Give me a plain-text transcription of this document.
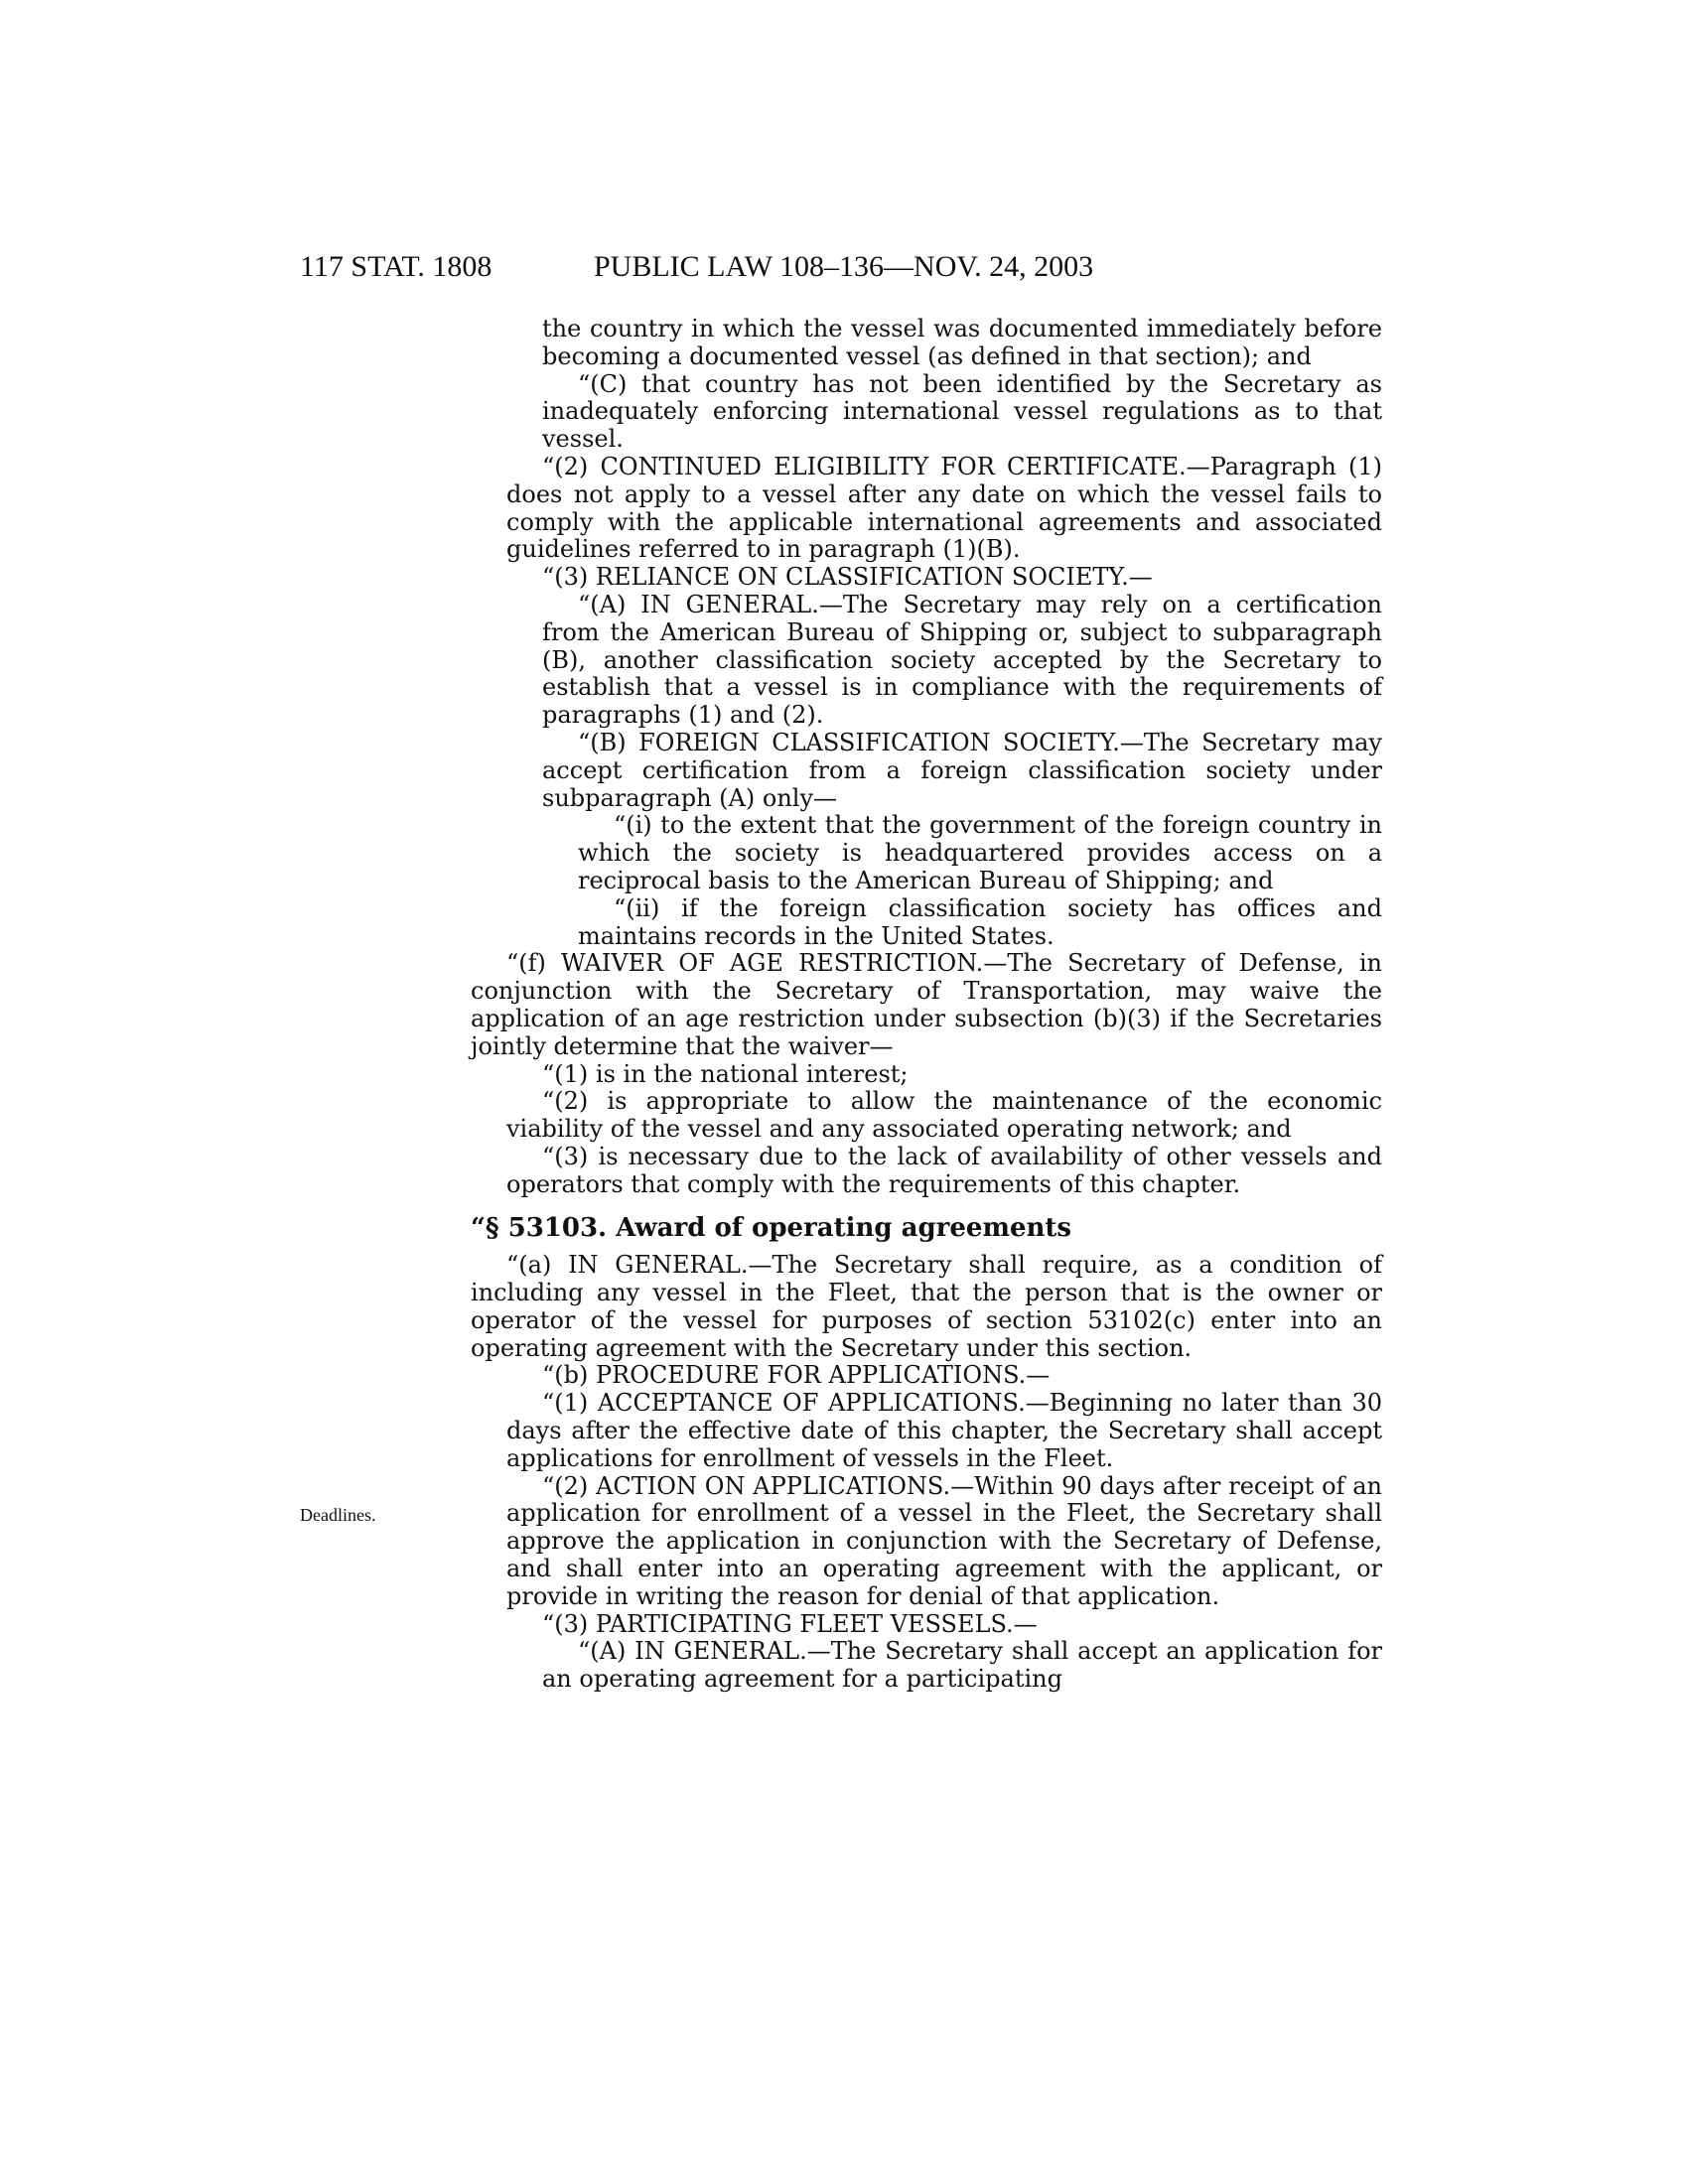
117 STAT. 1808	PUBLIC LAW 108–136—NOV. 24, 2003
Deadlines.

the country in which the vessel was documented immediately before becoming a documented vessel (as defined in that section); and

“(C) that country has not been identified by the Secretary as inadequately enforcing international vessel regulations as to that vessel.

“(2) CONTINUED ELIGIBILITY FOR CERTIFICATE.—Paragraph (1) does not apply to a vessel after any date on which the vessel fails to comply with the applicable international agreements and associated guidelines referred to in paragraph (1)(B).

“(3) RELIANCE ON CLASSIFICATION SOCIETY.—

“(A) IN GENERAL.—The Secretary may rely on a certification from the American Bureau of Shipping or, subject to subparagraph (B), another classification society accepted by the Secretary to establish that a vessel is in compliance with the requirements of paragraphs (1) and (2).

“(B) FOREIGN CLASSIFICATION SOCIETY.—The Secretary may accept certification from a foreign classification society under subparagraph (A) only—

“(i) to the extent that the government of the foreign country in which the society is headquartered provides access on a reciprocal basis to the American Bureau of Shipping; and

“(ii) if the foreign classification society has offices and maintains records in the United States.

“(f) WAIVER OF AGE RESTRICTION.—The Secretary of Defense, in conjunction with the Secretary of Transportation, may waive the application of an age restriction under subsection (b)(3) if the Secretaries jointly determine that the waiver—

“(1) is in the national interest;

“(2) is appropriate to allow the maintenance of the economic viability of the vessel and any associated operating network; and

“(3) is necessary due to the lack of availability of other vessels and operators that comply with the requirements of this chapter.

“§ 53103. Award of operating agreements

“(a) IN GENERAL.—The Secretary shall require, as a condition of including any vessel in the Fleet, that the person that is the owner or operator of the vessel for purposes of section 53102(c) enter into an operating agreement with the Secretary under this section.

“(b) PROCEDURE FOR APPLICATIONS.—

“(1) ACCEPTANCE OF APPLICATIONS.—Beginning no later than 30 days after the effective date of this chapter, the Secretary shall accept applications for enrollment of vessels in the Fleet.

“(2) ACTION ON APPLICATIONS.—Within 90 days after receipt of an application for enrollment of a vessel in the Fleet, the Secretary shall approve the application in conjunction with the Secretary of Defense, and shall enter into an operating agreement with the applicant, or provide in writing the reason for denial of that application.

“(3) PARTICIPATING FLEET VESSELS.—

“(A) IN GENERAL.—The Secretary shall accept an application for an operating agreement for a participating
